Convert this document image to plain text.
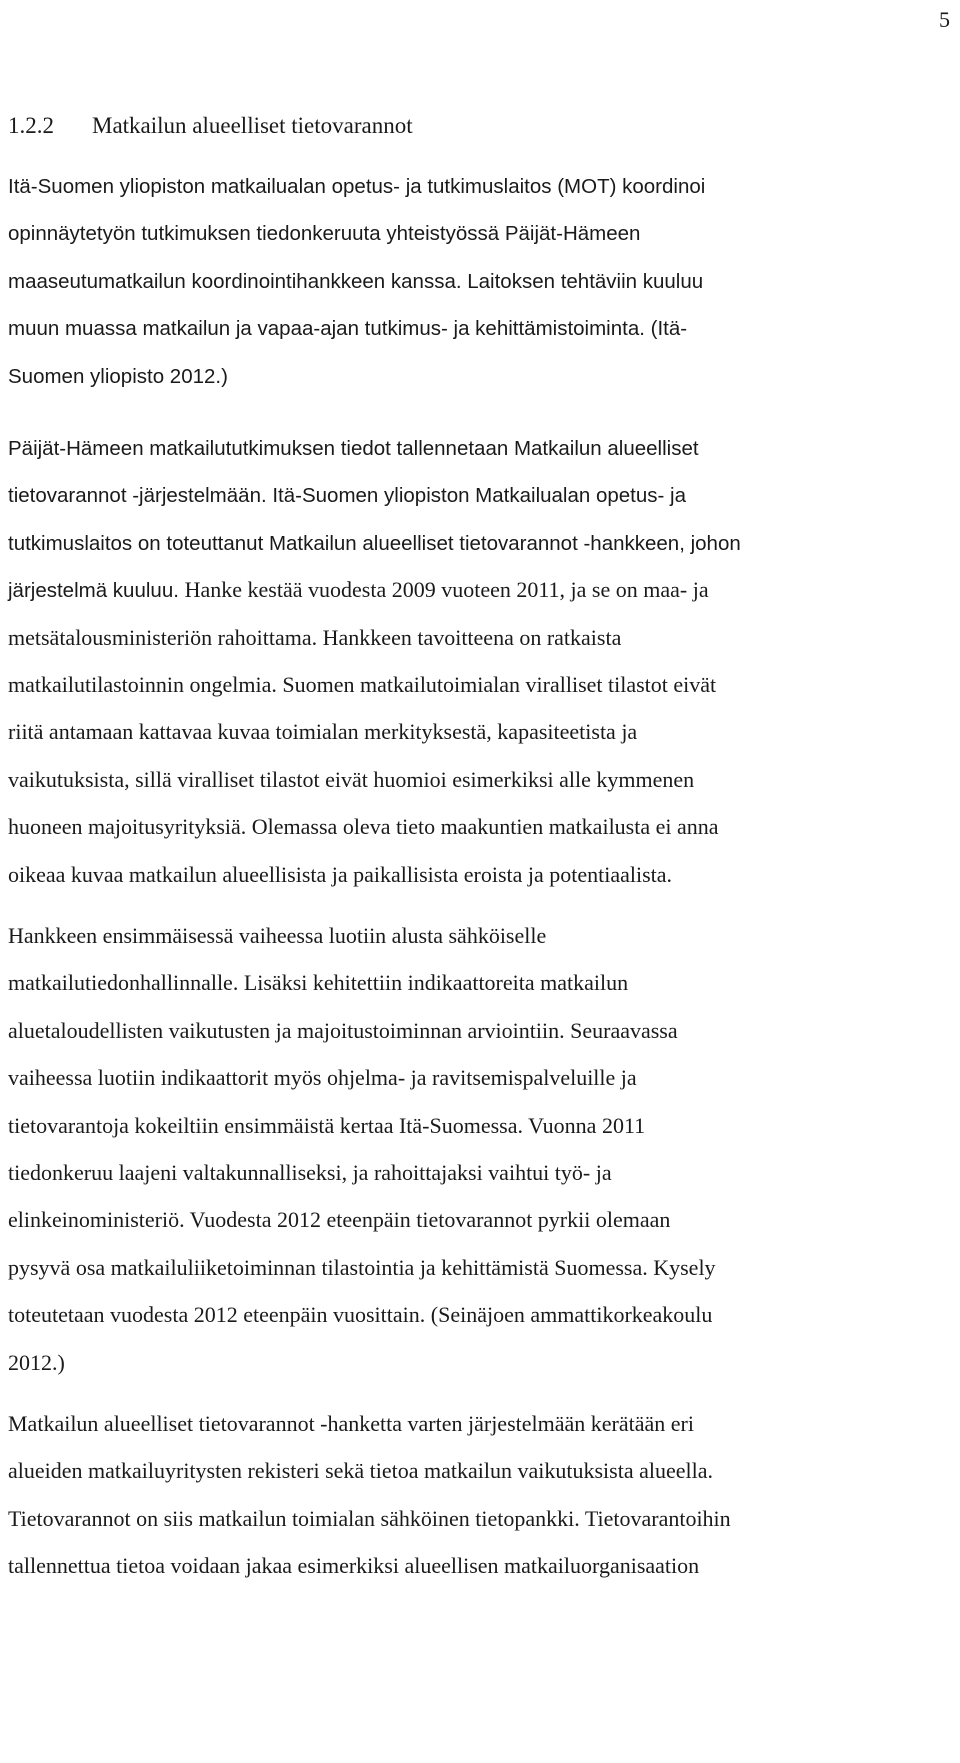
5
1.2.2 Matkailun alueelliset tietovarannot
Itä-Suomen yliopiston matkailualan opetus- ja tutkimuslaitos (MOT) koordinoi
opinnäytetyön tutkimuksen tiedonkeruuta yhteistyössä Päijät-Hämeen
maaseutumatkailun koordinointihankkeen kanssa. Laitoksen tehtäviin kuuluu
muun muassa matkailun ja vapaa-ajan tutkimus- ja kehittämistoiminta. (Itä-
Suomen yliopisto 2012.)
Päijät-Hämeen matkailututkimuksen tiedot tallennetaan Matkailun alueelliset
tietovarannot -järjestelmään. Itä-Suomen yliopiston Matkailualan opetus- ja
tutkimuslaitos on toteuttanut Matkailun alueelliset tietovarannot -hankkeen, johon
järjestelmä kuuluu. Hanke kestää vuodesta 2009 vuoteen 2011, ja se on maa- ja
metsätalousministeriön rahoittama. Hankkeen tavoitteena on ratkaista
matkailutilastoinnin ongelmia. Suomen matkailutoimialan viralliset tilastot eivät
riitä antamaan kattavaa kuvaa toimialan merkityksestä, kapasiteetista ja
vaikutuksista, sillä viralliset tilastot eivät huomioi esimerkiksi alle kymmenen
huoneen majoitusyrityksiä. Olemassa oleva tieto maakuntien matkailusta ei anna
oikeaa kuvaa matkailun alueellisista ja paikallisista eroista ja potentiaalista.
Hankkeen ensimmäisessä vaiheessa luotiin alusta sähköiselle
matkailutiedonhallinnalle. Lisäksi kehitettiin indikaattoreita matkailun
aluetaloudellisten vaikutusten ja majoitustoiminnan arviointiin. Seuraavassa
vaiheessa luotiin indikaattorit myös ohjelma- ja ravitsemispalveluille ja
tietovarantoja kokeiltiin ensimmäistä kertaa Itä-Suomessa. Vuonna 2011
tiedonkeruu laajeni valtakunnalliseksi, ja rahoittajaksi vaihtui työ- ja
elinkeinoministeriö. Vuodesta 2012 eteenpäin tietovarannot pyrkii olemaan
pysyvä osa matkailuliiketoiminnan tilastointia ja kehittämistä Suomessa. Kysely
toteutetaan vuodesta 2012 eteenpäin vuosittain. (Seinäjoen ammattikorkeakoulu
2012.)
Matkailun alueelliset tietovarannot -hanketta varten järjestelmään kerätään eri
alueiden matkailuyritysten rekisteri sekä tietoa matkailun vaikutuksista alueella.
Tietovarannot on siis matkailun toimialan sähköinen tietopankki. Tietovarantoihin
tallennettua tietoa voidaan jakaa esimerkiksi alueellisen matkailuorganisaation
